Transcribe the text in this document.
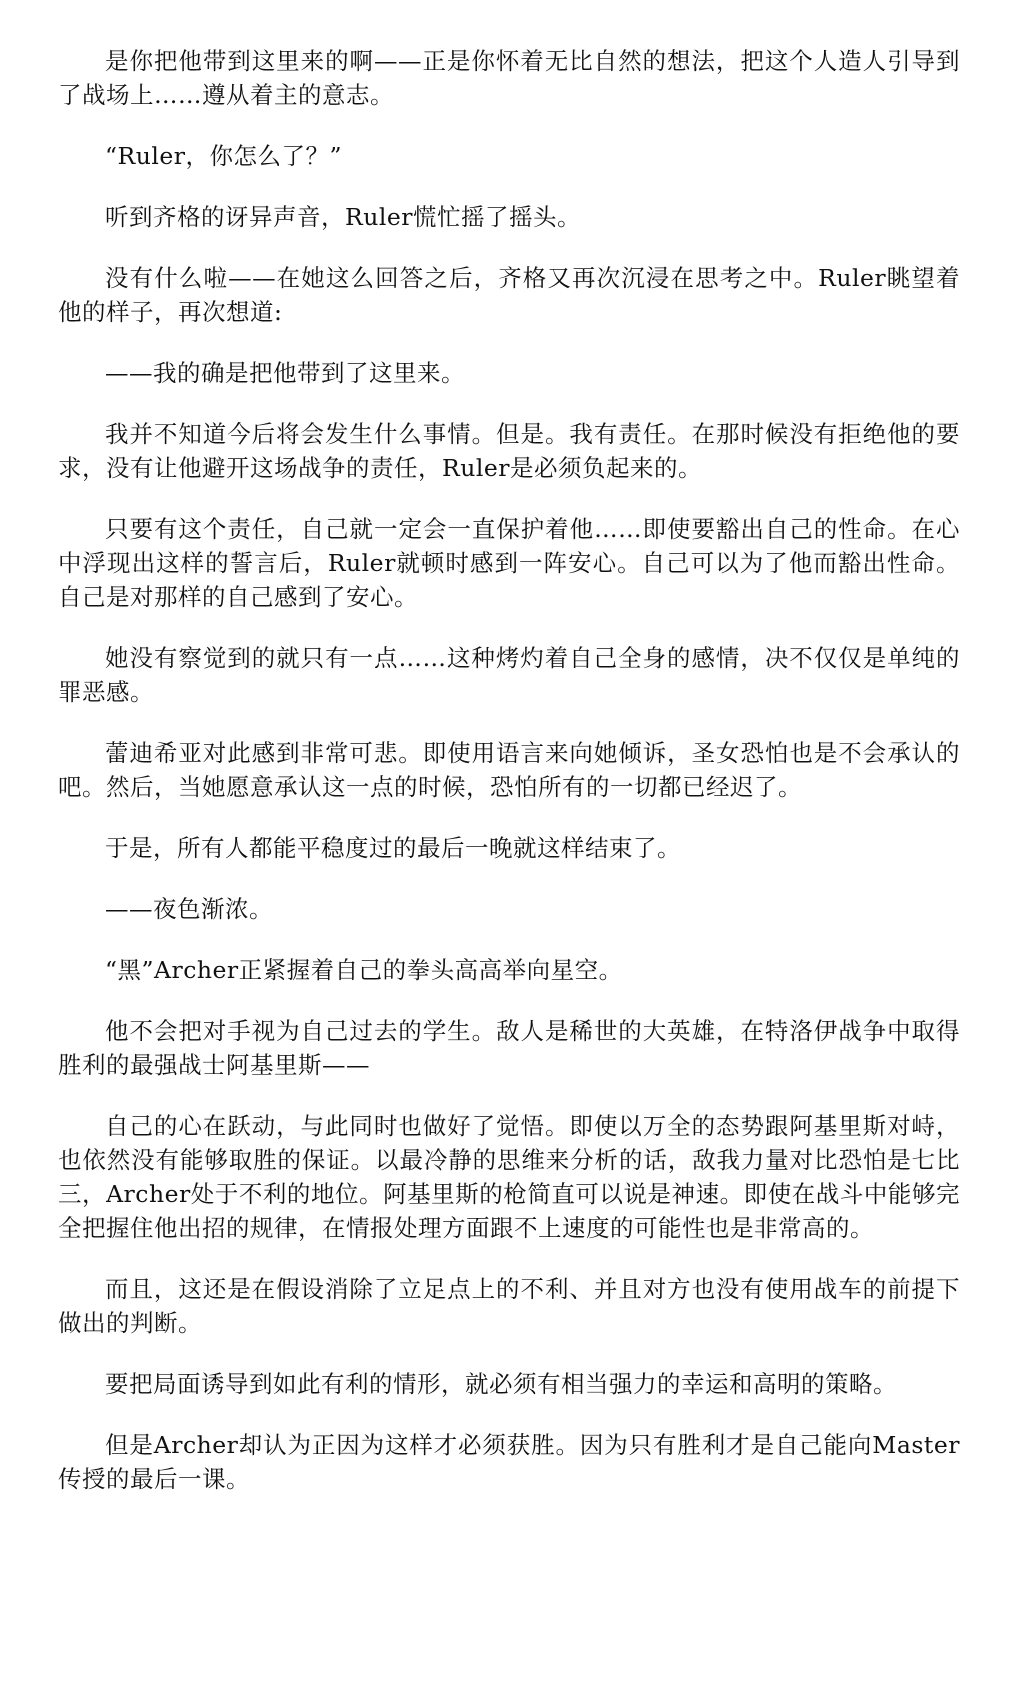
是你把他带到这里来的啊——正是你怀着无比自然的想法，把这个人造人引导到了战场上……遵从着主的意志。

“Ruler，你怎么了？”

听到齐格的讶异声音，Ruler慌忙摇了摇头。

没有什么啦——在她这么回答之后，齐格又再次沉浸在思考之中。Ruler眺望着他的样子，再次想道:

——我的确是把他带到了这里来。

我并不知道今后将会发生什么事情。但是。我有责任。在那时候没有拒绝他的要求，没有让他避开这场战争的责任，Ruler是必须负起来的。

只要有这个责任，自己就一定会一直保护着他……即使要豁出自己的性命。在心中浮现出这样的誓言后，Ruler就顿时感到一阵安心。自己可以为了他而豁出性命。自己是对那样的自己感到了安心。

她没有察觉到的就只有一点……这种烤灼着自己全身的感情，决不仅仅是单纯的罪恶感。

蕾迪希亚对此感到非常可悲。即使用语言来向她倾诉，圣女恐怕也是不会承认的吧。然后，当她愿意承认这一点的时候，恐怕所有的一切都已经迟了。

于是，所有人都能平稳度过的最后一晚就这样结束了。

——夜色渐浓。

“黑”Archer正紧握着自己的拳头高高举向星空。

他不会把对手视为自己过去的学生。敌人是稀世的大英雄，在特洛伊战争中取得胜利的最强战士阿基里斯——

自己的心在跃动，与此同时也做好了觉悟。即使以万全的态势跟阿基里斯对峙，也依然没有能够取胜的保证。以最冷静的思维来分析的话，敌我力量对比恐怕是七比三，Archer处于不利的地位。阿基里斯的枪简直可以说是神速。即使在战斗中能够完全把握住他出招的规律，在情报处理方面跟不上速度的可能性也是非常高的。

而且，这还是在假设消除了立足点上的不利、并且对方也没有使用战车的前提下做出的判断。

要把局面诱导到如此有利的情形，就必须有相当强力的幸运和高明的策略。

但是Archer却认为正因为这样才必须获胜。因为只有胜利才是自己能向Master传授的最后一课。
